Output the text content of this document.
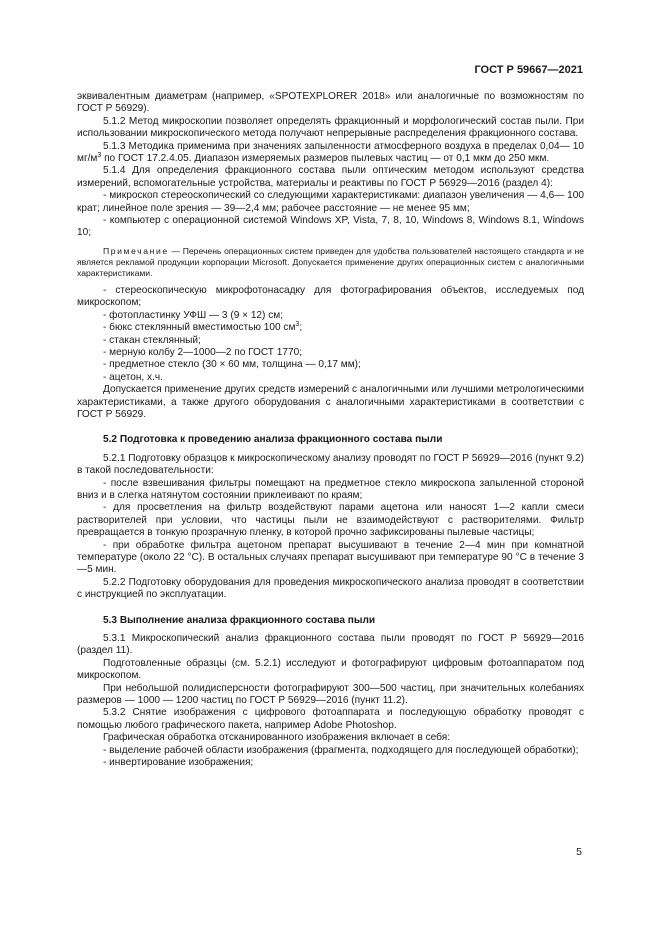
ГОСТ Р 59667—2021

эквивалентным диаметрам (например, «SPOTEXPLORER 2018» или аналогичные по возможностям по ГОСТ Р 56929).

5.1.2 Метод микроскопии позволяет определять фракционный и морфологический состав пыли. При использовании микроскопического метода получают непрерывные распределения фракционного состава.

5.1.3 Методика применима при значениях запыленности атмосферного воздуха в пределах 0,04— 10 $мг/м^3$ по ГОСТ 17.2.4.05. Диапазон измеряемых размеров пылевых частиц — от 0,1 мкм до 250 мкм.

5.1.4 Для определения фракционного состава пыли оптическим методом используют средства измерений, вспомогательные устройства, материалы и реактивы по ГОСТ Р 56929—2016 (раздел 4):

- микроскоп стереоскопический со следующими характеристиками: диапазон увеличения — 4,6— 100 крат; линейное поле зрения — 39—2,4 мм; рабочее расстояние — не менее 95 мм;

- компьютер с операционной системой Windows XP, Vista, 7, 8, 10, Windows 8, Windows 8.1, Windows 10;

Примечание — Перечень операционных систем приведен для удобства пользователей настоящего стандарта и не является рекламой продукции корпорации Microsoft. Допускается применение других операционных систем с аналогичными характеристиками.

- стереоскопическую микрофотонасадку для фотографирования объектов, исследуемых под микроскопом;

- фотопластинку УФШ — 3 (9 × 12) см;

- бюкс стеклянный вместимостью 100 $см^3$;

- стакан стеклянный;

- мерную колбу 2—1000—2 по ГОСТ 1770;

- предметное стекло (30 × 60 мм, толщина — 0,17 мм);

- ацетон, х.ч.

Допускается применение других средств измерений с аналогичными или лучшими метрологическими характеристиками, а также другого оборудования с аналогичными характеристиками в соответствии с ГОСТ Р 56929.

5.2 Подготовка к проведению анализа фракционного состава пыли

5.2.1 Подготовку образцов к микроскопическому анализу проводят по ГОСТ Р 56929—2016 (пункт 9.2) в такой последовательности:

- после взвешивания фильтры помещают на предметное стекло микроскопа запыленной стороной вниз и в слегка натянутом состоянии приклеивают по краям;

- для просветления на фильтр воздействуют парами ацетона или наносят 1—2 капли смеси растворителей при условии, что частицы пыли не взаимодействуют с растворителями. Фильтр превращается в тонкую прозрачную пленку, в которой прочно зафиксированы пылевые частицы;

- при обработке фильтра ацетоном препарат высушивают в течение 2—4 мин при комнатной температуре (около 22 °С). В остальных случаях препарат высушивают при температуре 90 °С в течение 3—5 мин.

5.2.2 Подготовку оборудования для проведения микроскопического анализа проводят в соответствии с инструкцией по эксплуатации.

5.3 Выполнение анализа фракционного состава пыли

5.3.1 Микроскопический анализ фракционного состава пыли проводят по ГОСТ Р 56929—2016 (раздел 11).

Подготовленные образцы (см. 5.2.1) исследуют и фотографируют цифровым фотоаппаратом под микроскопом.

При небольшой полидисперсности фотографируют 300—500 частиц, при значительных колебаниях размеров — 1000 — 1200 частиц по ГОСТ Р 56929—2016 (пункт 11.2).

5.3.2 Снятие изображения с цифрового фотоаппарата и последующую обработку проводят с помощью любого графического пакета, например Adobe Photoshop.

Графическая обработка отсканированного изображения включает в себя:

- выделение рабочей области изображения (фрагмента, подходящего для последующей обработки);

- инвертирование изображения;

5
